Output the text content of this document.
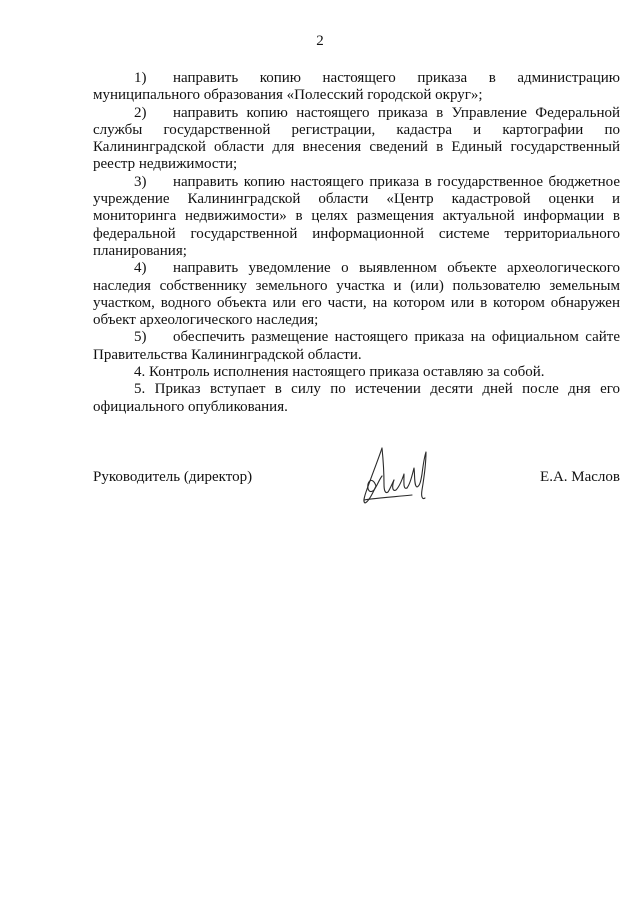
2

1) направить копию настоящего приказа в администрацию муниципального образования «Полесский городской округ»;

2) направить копию настоящего приказа в Управление Федеральной службы государственной регистрации, кадастра и картографии по Калининградской области для внесения сведений в Единый государственный реестр недвижимости;

3) направить копию настоящего приказа в государственное бюджетное учреждение Калининградской области «Центр кадастровой оценки и мониторинга недвижимости» в целях размещения актуальной информации в федеральной государственной информационной системе территориального планирования;

4) направить уведомление о выявленном объекте археологического наследия собственнику земельного участка и (или) пользователю земельным участком, водного объекта или его части, на котором или в котором обнаружен объект археологического наследия;

5) обеспечить размещение настоящего приказа на официальном сайте Правительства Калининградской области.

4. Контроль исполнения настоящего приказа оставляю за собой.

5. Приказ вступает в силу по истечении десяти дней после дня его официального опубликования.

Руководитель (директор)	Е.А. Маслов
